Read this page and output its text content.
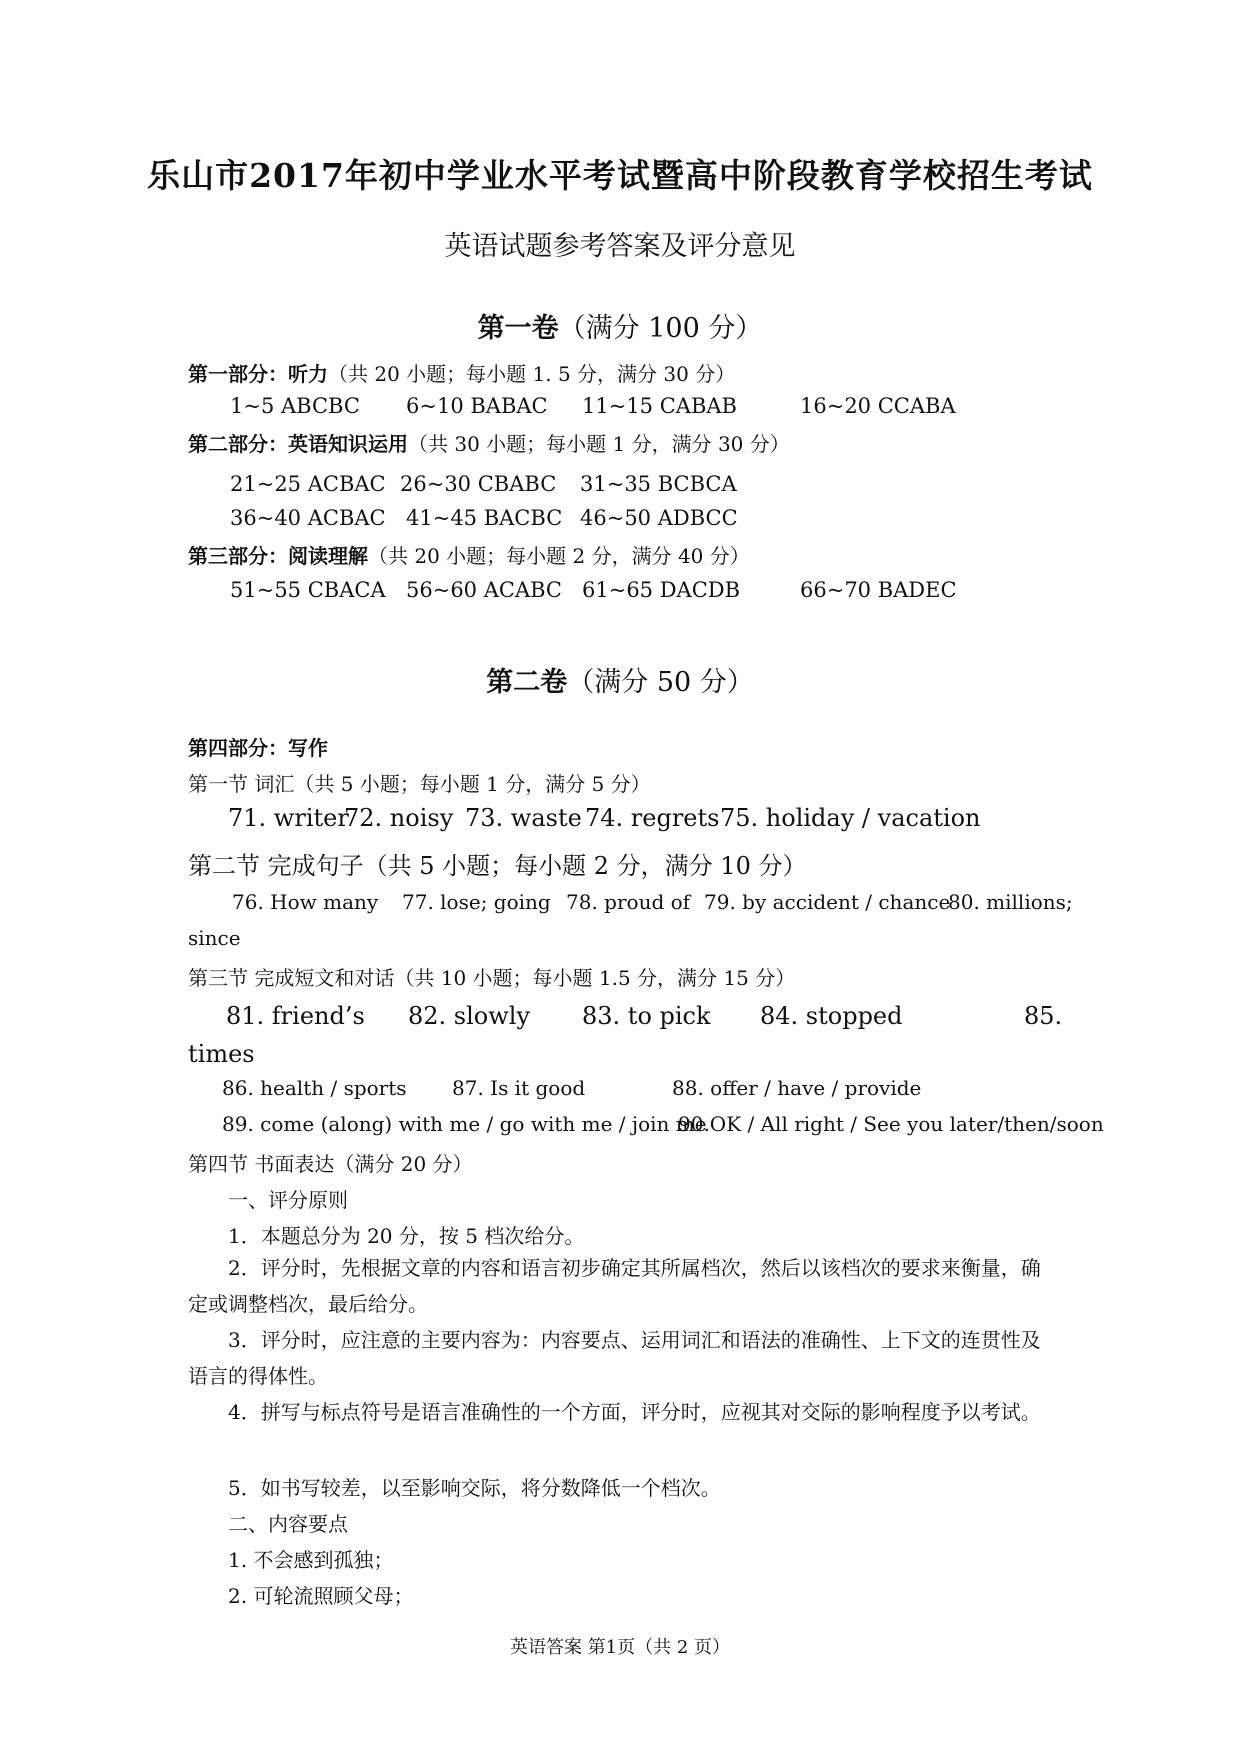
乐山市2017年初中学业水平考试暨高中阶段教育学校招生考试
英语试题参考答案及评分意见
第一卷（满分 100 分）
第一部分：听力（共 20 小题；每小题 1. 5 分，满分 30 分）
1~5 ABCBC 6~10 BABAC 11~15 CABAB	16~20 CCABA
第二部分：英语知识运用（共 30 小题；每小题 1 分，满分 30 分）
21~25 ACBAC 26~30 CBABC 31~35 BCBCA
36~40 ACBAC 41~45 BACBC 46~50 ADBCC
第三部分：阅读理解（共 20 小题；每小题 2 分，满分 40 分）
51~55 CBACA 56~60 ACABC 61~65 DACDB	66~70 BADEC
第二卷（满分 50 分）
第四部分：写作
第一节 词汇（共 5 小题；每小题 1 分，满分 5 分）
71. writer
72. noisy 73. waste 74. regrets 75. holiday / vacation
第二节 完成句子（共 5 小题；每小题 2 分，满分 10 分）
76. How many 77. lose; going 78. proud of 79. by accident / chance
80. millions;
since
第三节 完成短文和对话（共 10 小题；每小题 1.5 分，满分 15 分）
81. friend’s 82. slowly 83. to pick 84. stopped	85.
times
86. health / sports 87. Is it good	88. offer / have / provide
89. come (along) with me / go with me / join me
90.OK / All right / See you later/then/soon
第四节 书面表达（满分 20 分）
一、评分原则
1．本题总分为 20 分，按 5 档次给分。
2．评分时，先根据文章的内容和语言初步确定其所属档次，然后以该档次的要求来衡量，确定或调整档次，最后给分。
3．评分时，应注意的主要内容为：内容要点、运用词汇和语法的准确性、上下文的连贯性及语言的得体性。
4．拼写与标点符号是语言准确性的一个方面，评分时，应视其对交际的影响程度予以考试。
5．如书写较差，以至影响交际，将分数降低一个档次。
二、内容要点
1. 不会感到孤独；
2. 可轮流照顾父母；
英语答案 第1页（共 2 页）
